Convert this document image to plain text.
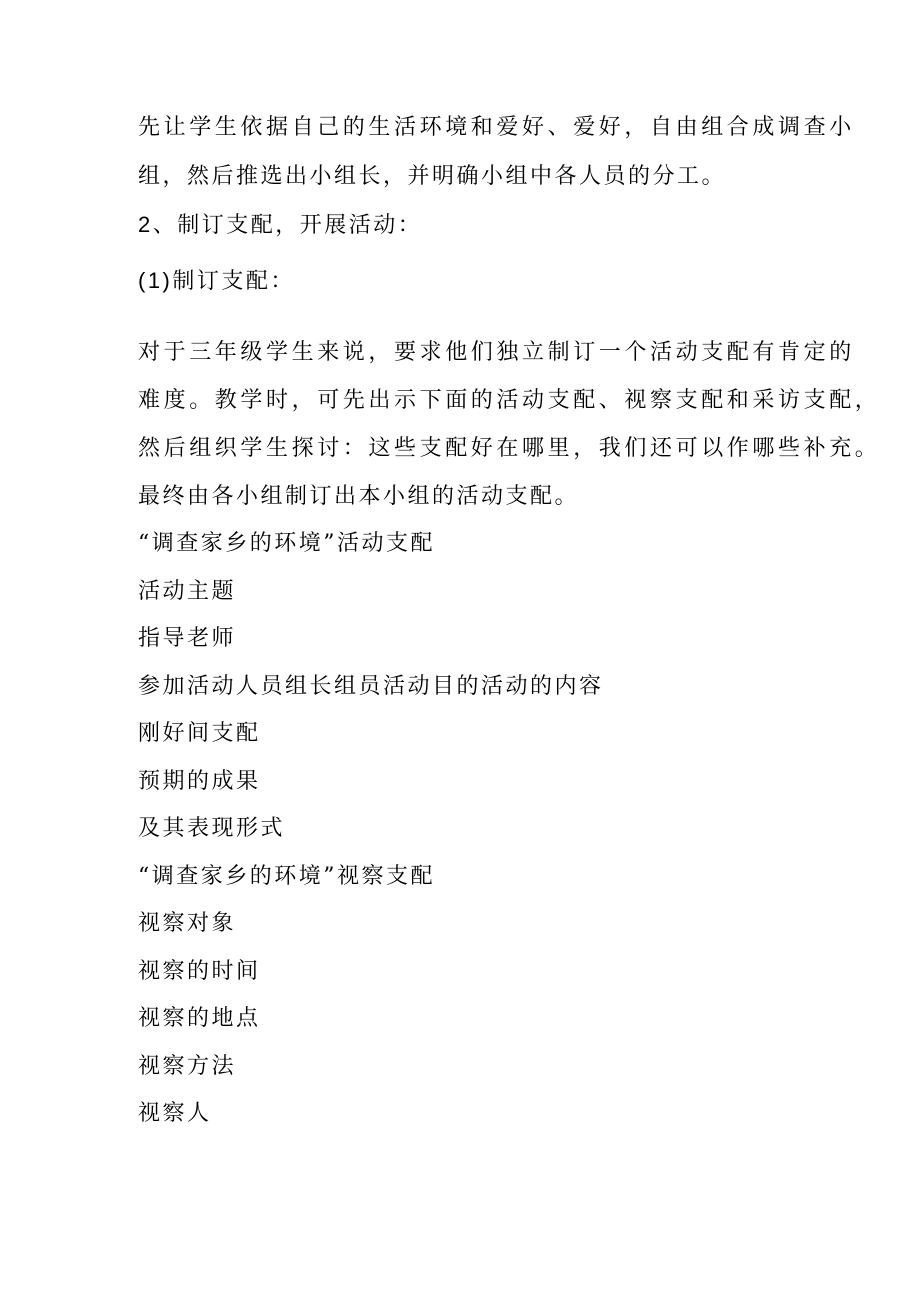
先让学生依据自己的生活环境和爱好、爱好，自由组合成调查小
组，然后推选出小组长，并明确小组中各人员的分工。
2、制订支配，开展活动：
(1)制订支配：
对于三年级学生来说，要求他们独立制订一个活动支配有肯定的
难度。教学时，可先出示下面的活动支配、视察支配和采访支配，
然后组织学生探讨：这些支配好在哪里，我们还可以作哪些补充。
最终由各小组制订出本小组的活动支配。
“调查家乡的环境”活动支配
活动主题
指导老师
参加活动人员组长组员活动目的活动的内容
刚好间支配
预期的成果
及其表现形式
“调查家乡的环境”视察支配
视察对象
视察的时间
视察的地点
视察方法
视察人
